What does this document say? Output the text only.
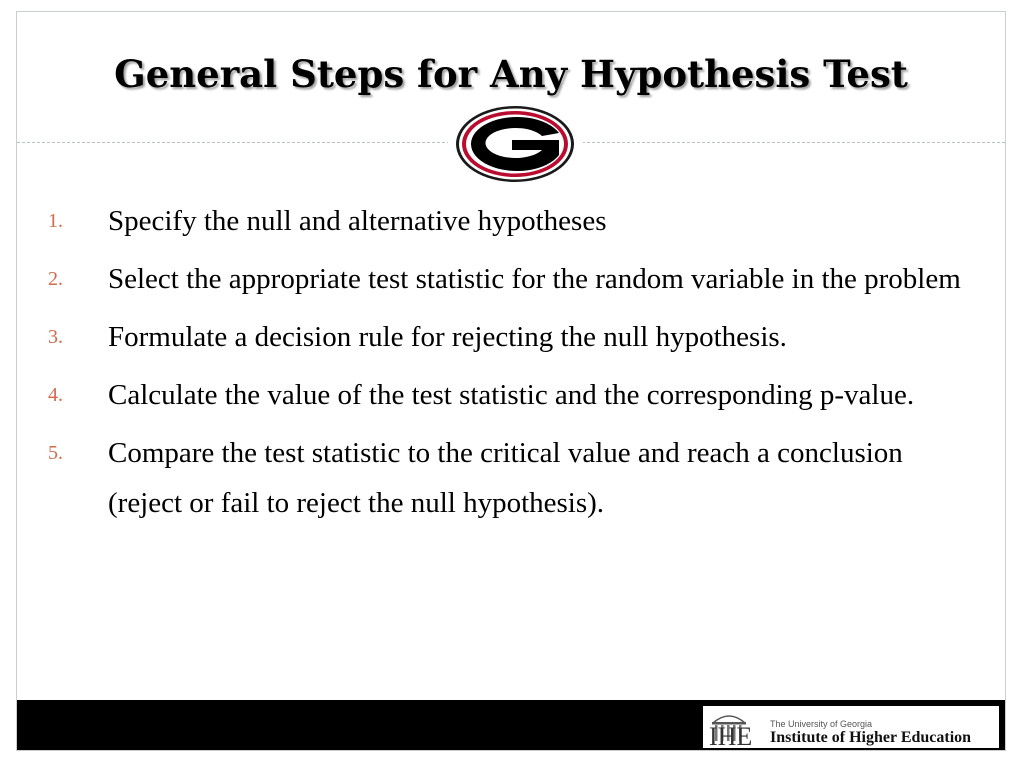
General Steps for Any Hypothesis Test
1. Specify the null and alternative hypotheses
2. Select the appropriate test statistic for the random variable in the problem
3. Formulate a decision rule for rejecting the null hypothesis.
4. Calculate the value of the test statistic and the corresponding p-value.
5. Compare the test statistic to the critical value and reach a conclusion (reject or fail to reject the null hypothesis).
IHE The University of Georgia
Institute of Higher Education
